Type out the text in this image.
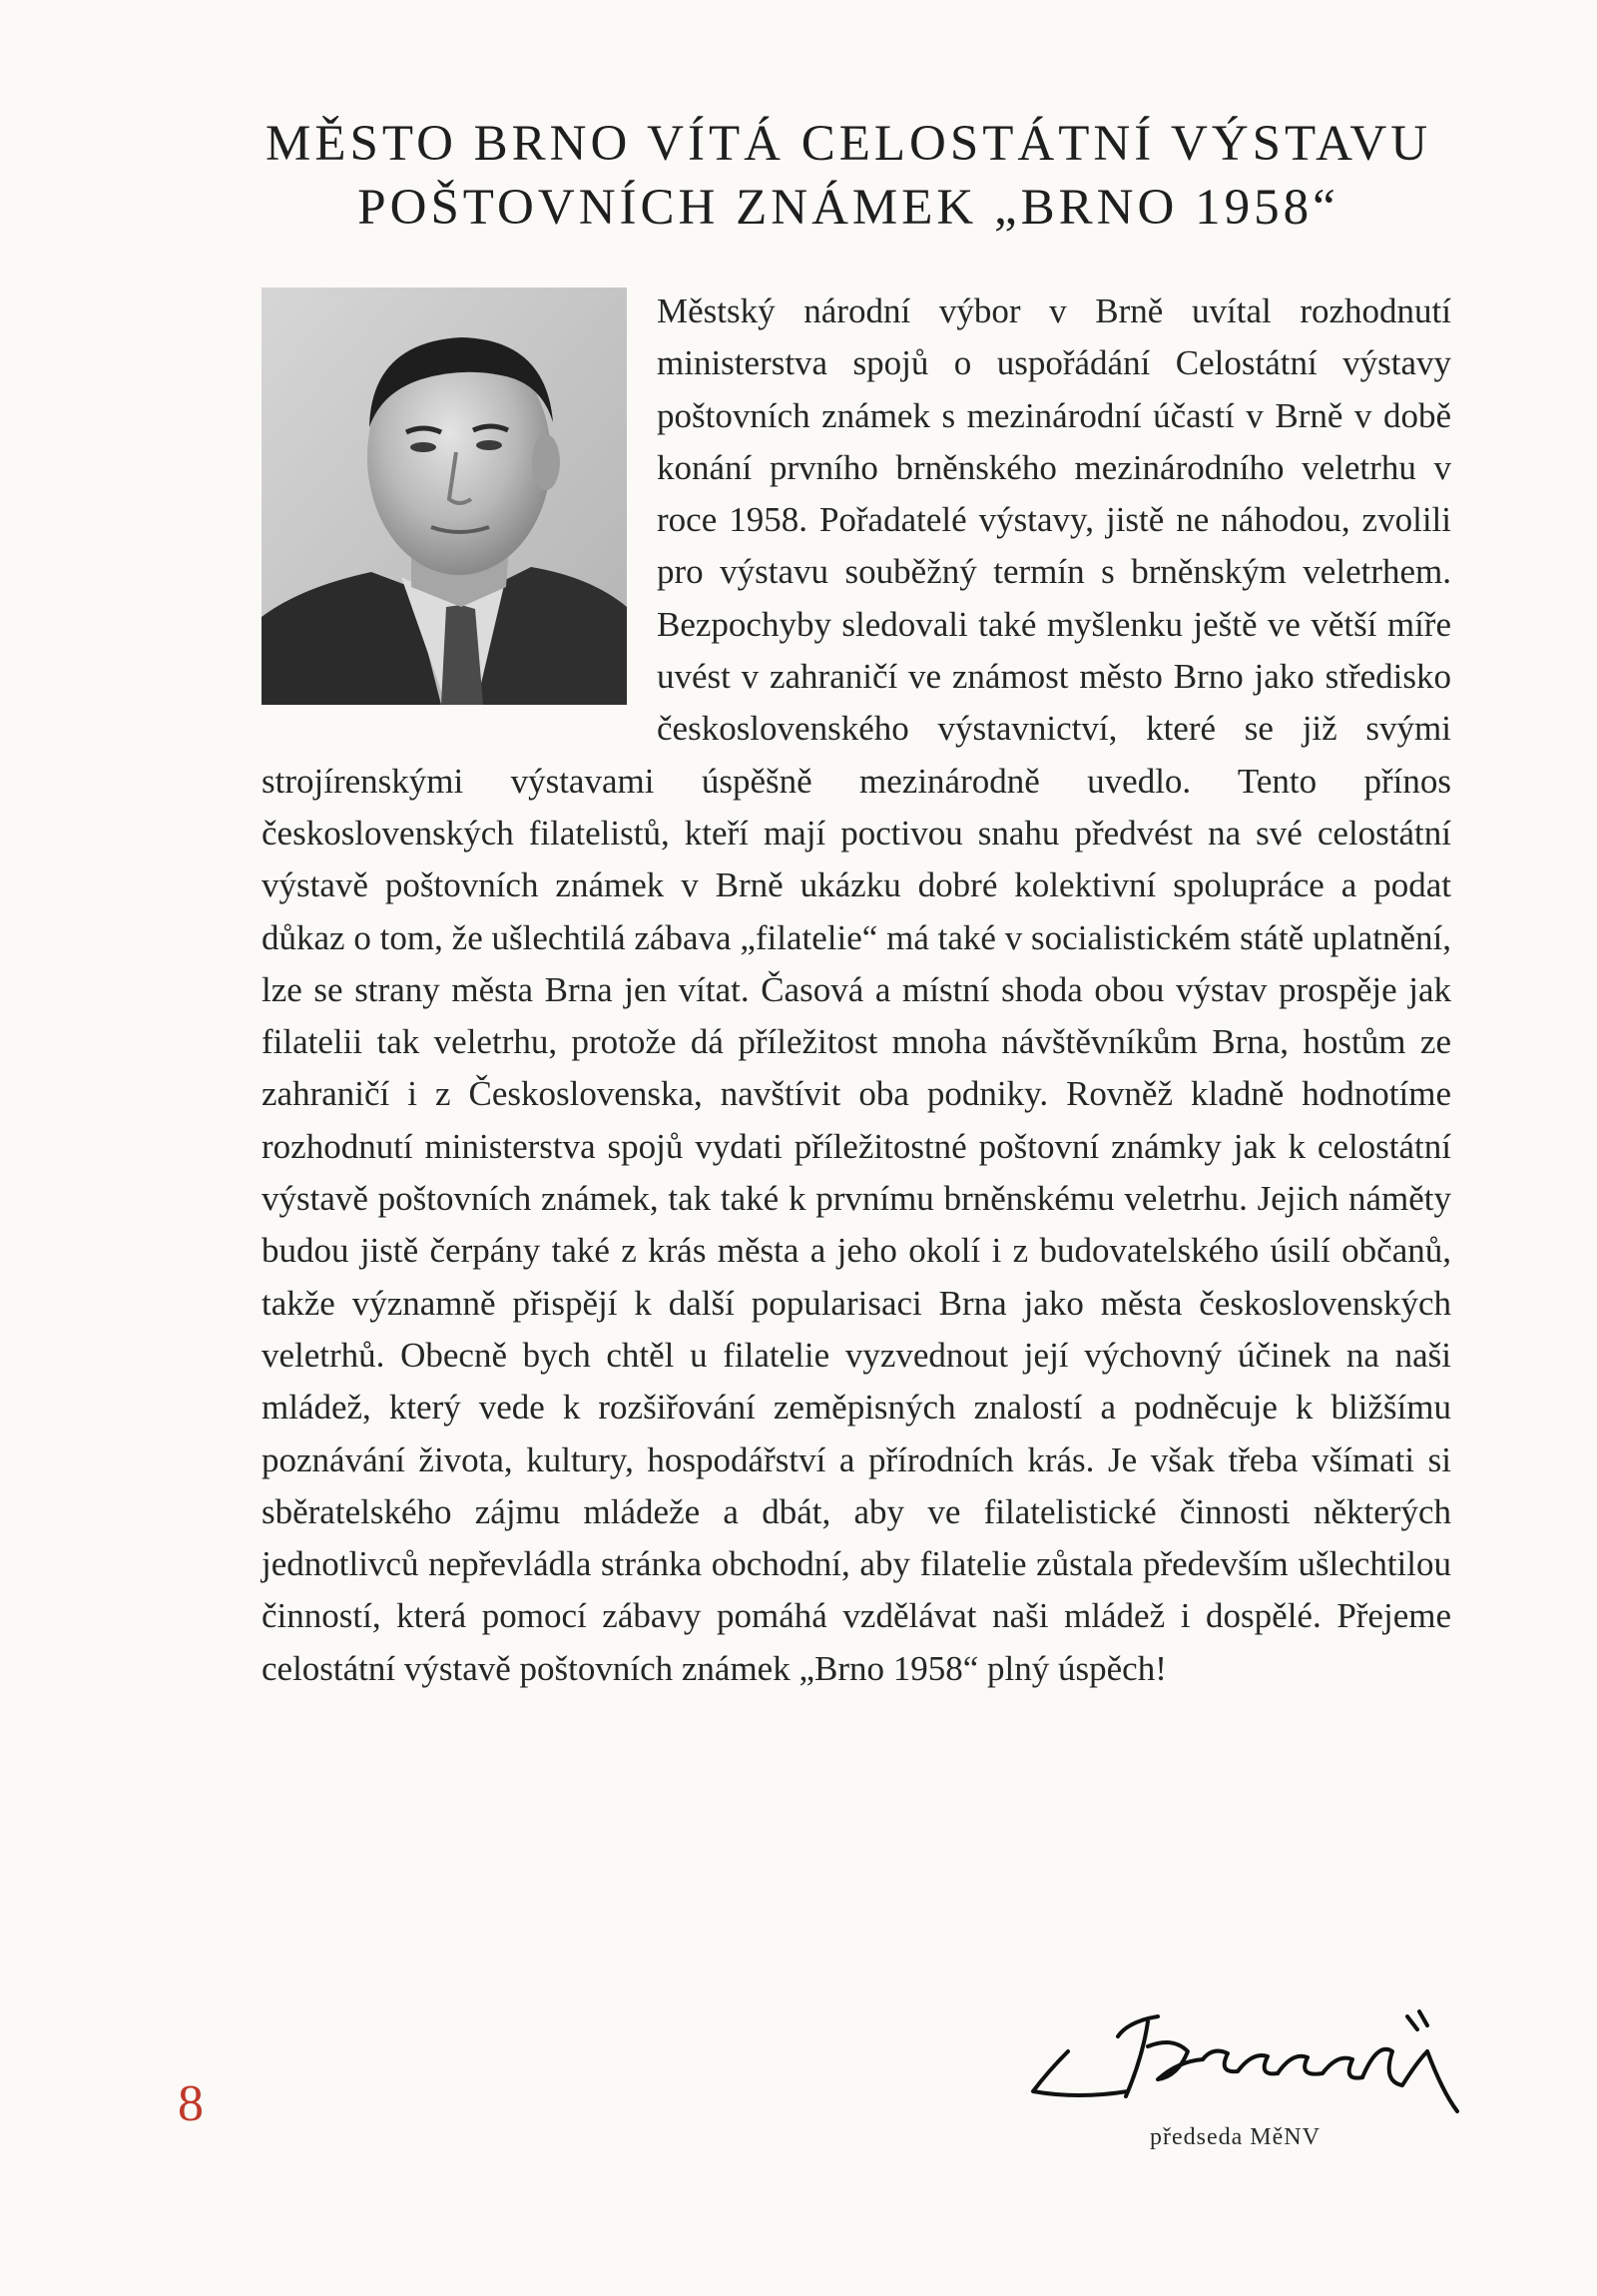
MĚSTO BRNO VÍTÁ CELOSTÁTNÍ VÝSTAVU
POŠTOVNÍCH ZNÁMEK „BRNO 1958“

Městský národní výbor v Brně uvítal rozhodnutí ministerstva spojů o uspořádání Celostátní výstavy poštovních známek s mezinárodní účastí v Brně v době konání prvního brněnského mezinárodního veletrhu v roce 1958. Pořadatelé výstavy, jistě ne náhodou, zvolili pro výstavu souběžný termín s brněnským veletrhem. Bezpochyby sledovali také myšlenku ještě ve větší míře uvést v zahraničí ve známost město Brno jako středisko československého výstavnictví, které se již svými strojírenskými výstavami úspěšně mezinárodně uvedlo. Tento přínos československých filatelistů, kteří mají poctivou snahu předvést na své celostátní výstavě poštovních známek v Brně ukázku dobré kolektivní spolupráce a podat důkaz o tom, že ušlechtilá zábava „filatelie“ má také v socialistickém státě uplatnění, lze se strany města Brna jen vítat. Časová a místní shoda obou výstav prospěje jak filatelii tak veletrhu, protože dá příležitost mnoha návštěvníkům Brna, hostům ze zahraničí i z Československa, navštívit oba podniky. Rovněž kladně hodnotíme rozhodnutí ministerstva spojů vydati příležitostné poštovní známky jak k celostátní výstavě poštovních známek, tak také k prvnímu brněnskému veletrhu. Jejich náměty budou jistě čerpány také z krás města a jeho okolí i z budovatelského úsilí občanů, takže významně přispějí k další popularisaci Brna jako města československých veletrhů. Obecně bych chtěl u filatelie vyzvednout její výchovný účinek na naši mládež, který vede k rozšiřování zeměpisných znalostí a podněcuje k bližšímu poznávání života, kultury, hospodářství a přírodních krás. Je však třeba všímati si sběratelského zájmu mládeže a dbát, aby ve filatelistické činnosti některých jednotlivců nepřevládla stránka obchodní, aby filatelie zůstala především ušlechtilou činností, která pomocí zábavy pomáhá vzdělávat naši mládež i dospělé. Přejeme celostátní výstavě poštovních známek „Brno 1958“ plný úspěch!

předseda MěNV
8
